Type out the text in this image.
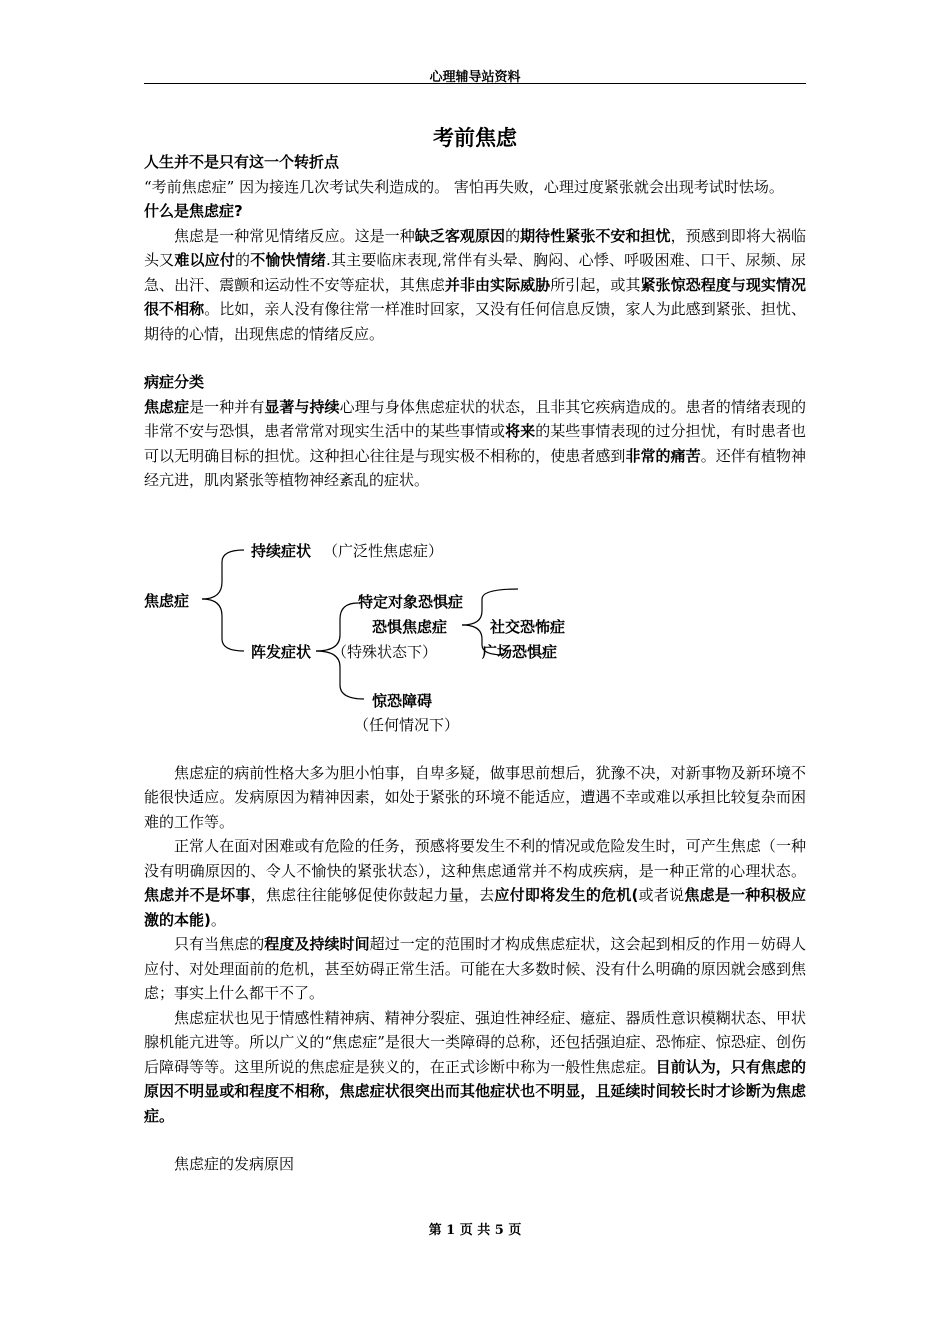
心理辅导站资料
考前焦虑

人生并不是只有这一个转折点

“考前焦虑症” 因为接连几次考试失利造成的。 害怕再失败，心理过度紧张就会出现考试时怯场。

什么是焦虑症?

焦虑是一种常见情绪反应。这是一种缺乏客观原因的期待性紧张不安和担忧，预感到即将大祸临头又难以应付的不愉快情绪.其主要临床表现,常伴有头晕、胸闷、心悸、呼吸困难、口干、尿频、尿急、出汗、震颤和运动性不安等症状，其焦虑并非由实际威胁所引起，或其紧张惊恐程度与现实情况很不相称。比如，亲人没有像往常一样准时回家，又没有任何信息反馈，家人为此感到紧张、担忧、期待的心情，出现焦虑的情绪反应。

病症分类

焦虑症是一种并有显著与持续心理与身体焦虑症状的状态，且非其它疾病造成的。患者的情绪表现的非常不安与恐惧，患者常常对现实生活中的某些事情或将来的某些事情表现的过分担忧，有时患者也可以无明确目标的担忧。这种担心往往是与现实极不相称的，使患者感到非常的痛苦。还伴有植物神经亢进，肌肉紧张等植物神经紊乱的症状。

焦虑症
持续症状 （广泛性焦虑症）
阵发症状
特定对象恐惧症
恐惧焦虑症
（特殊状态下）
社交恐怖症
广场恐惧症
惊恐障碍
（任何情况下）

焦虑症的病前性格大多为胆小怕事，自卑多疑，做事思前想后，犹豫不决，对新事物及新环境不能很快适应。发病原因为精神因素，如处于紧张的环境不能适应，遭遇不幸或难以承担比较复杂而困难的工作等。

正常人在面对困难或有危险的任务，预感将要发生不利的情况或危险发生时，可产生焦虑（一种没有明确原因的、令人不愉快的紧张状态），这种焦虑通常并不构成疾病，是一种正常的心理状态。焦虑并不是坏事，焦虑往往能够促使你鼓起力量，去应付即将发生的危机(或者说焦虑是一种积极应激的本能)。

只有当焦虑的程度及持续时间超过一定的范围时才构成焦虑症状，这会起到相反的作用－妨碍人应付、对处理面前的危机，甚至妨碍正常生活。可能在大多数时候、没有什么明确的原因就会感到焦虑；事实上什么都干不了。

焦虑症状也见于情感性精神病、精神分裂症、强迫性神经症、癔症、器质性意识模糊状态、甲状腺机能亢进等。所以广义的“焦虑症”是很大一类障碍的总称，还包括强迫症、恐怖症、惊恐症、创伤后障碍等等。这里所说的焦虑症是狭义的，在正式诊断中称为一般性焦虑症。目前认为，只有焦虑的原因不明显或和程度不相称，焦虑症状很突出而其他症状也不明显，且延续时间较长时才诊断为焦虑症。

焦虑症的发病原因

第 1 页 共 5 页
